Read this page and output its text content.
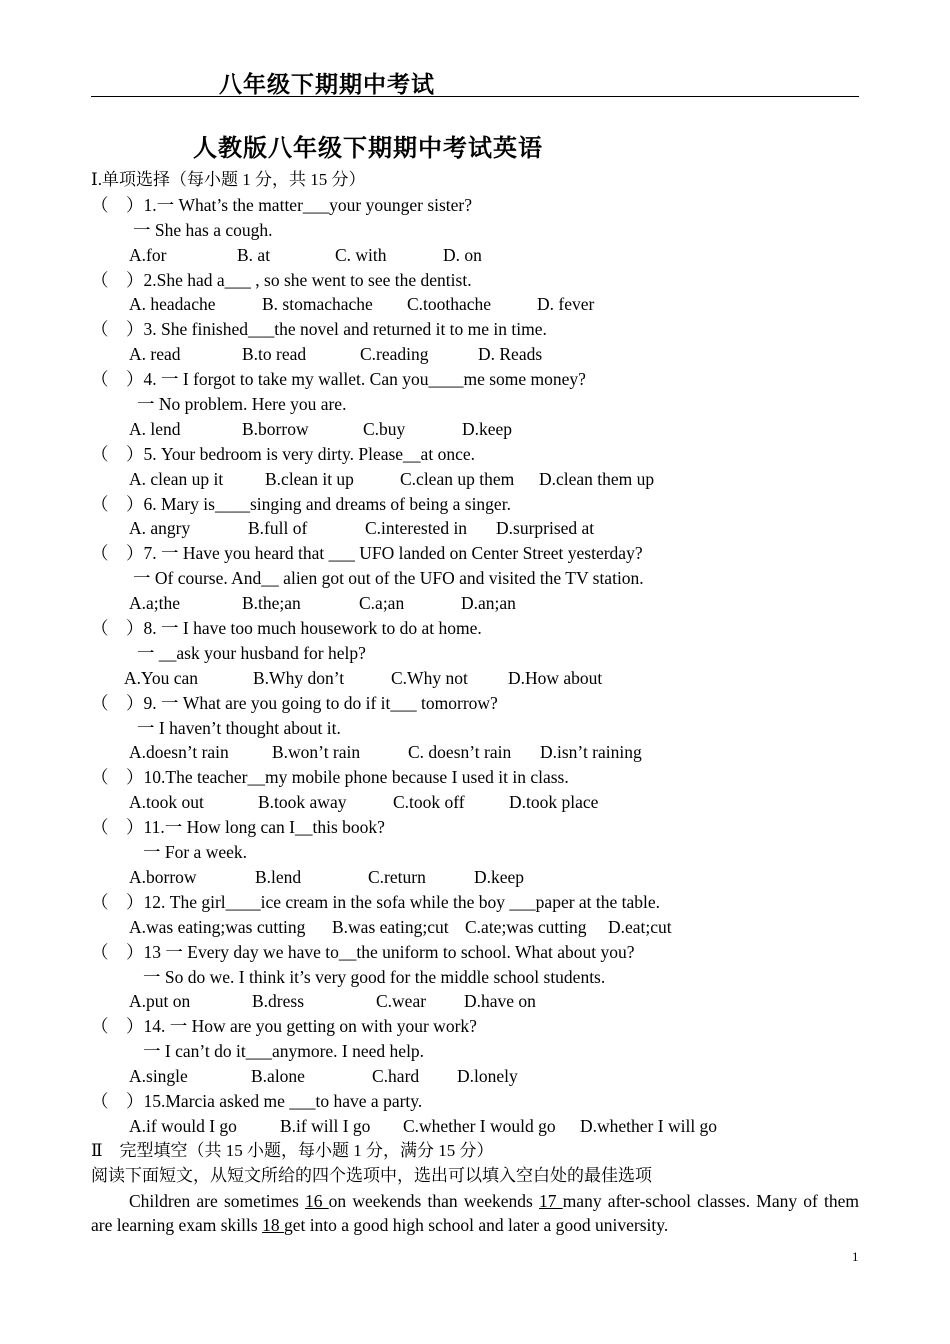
八年级下期期中考试
人教版八年级下期期中考试英语
Ⅰ.单项选择（每小题 1 分，共 15 分）
（　）1.一 What’s the matter___your younger sister?
一 She has a cough.
A.for	B. at	C. with	D. on
（　）2.She had a___ , so she went to see the dentist.
A. headache	B. stomachache C.toothache	D. fever
（　）3. She finished___the novel and returned it to me in time.
A. read	B.to read	C.reading	D. Reads
（　）4. 一 I forgot to take my wallet. Can you____me some money?
一 No problem. Here you are.
A. lend	B.borrow	C.buy	D.keep
（　）5. Your bedroom is very dirty. Please__at once.
A. clean up it B.clean it up	C.clean up them D.clean them up
（　）6. Mary is____singing and dreams of being a singer.
A. angry	B.full of	C.interested in D.surprised at
（　）7. 一 Have you heard that ___ UFO landed on Center Street yesterday?
一 Of course. And__ alien got out of the UFO and visited the TV station.
A.a;the	B.the;an	C.a;an	D.an;an
（　）8. 一 I have too much housework to do at home.
一 __ask your husband for help?
A.You can	B.Why don’t	C.Why not D.How about
（　）9. 一 What are you going to do if it___ tomorrow?
一 I haven’t thought about it.
A.doesn’t rain B.won’t rain	C. doesn’t rain D.isn’t raining
（　）10.The teacher__my mobile phone because I used it in class.
A.took out	B.took away	C.took off	D.took place
（　）11.一 How long can I__this book?
一 For a week.
A.borrow	B.lend	C.return	D.keep
（　）12. The girl____ice cream in the sofa while the boy ___paper at the table.
A.was eating;was cutting B.was eating;cut C.ate;was cutting D.eat;cut
（　）13 一 Every day we have to__the uniform to school. What about you?
一 So do we. I think it’s very good for the middle school students.
A.put on	B.dress	C.wear D.have on
（　）14. 一 How are you getting on with your work?
一 I can’t do it___anymore. I need help.
A.single	B.alone	C.hard D.lonely
（　）15.Marcia asked me ___to have a party.
A.if would I go B.if will I go C.whether I would go D.whether I will go
Ⅱ　完型填空（共 15 小题，每小题 1 分，满分 15 分）
阅读下面短文，从短文所给的四个选项中，选出可以填入空白处的最佳选项
Children are sometimes 16 on weekends than weekends 17 many after-school classes. Many of them are learning exam skills 18 get into a good high school and later a good university.
1
